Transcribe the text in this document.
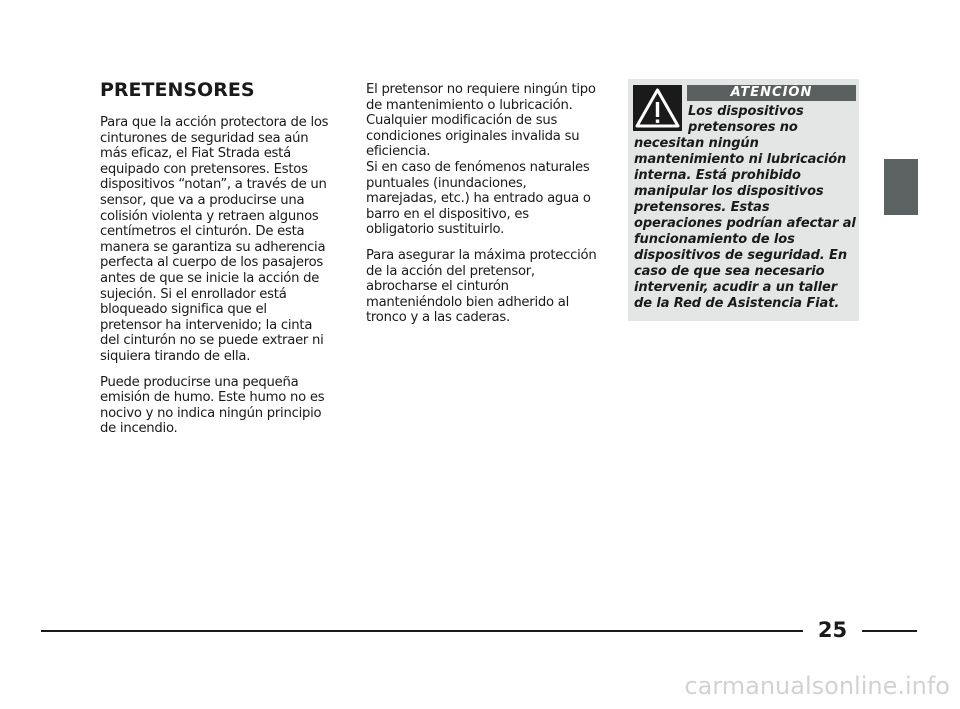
PRETENSORES

Para que la acción protectora de los cinturones de seguridad sea aún más eficaz, el Fiat Strada está equipado con pretensores. Estos dispositivos “notan”, a través de un sensor, que va a producirse una colisión violenta y retraen algunos centímetros el cinturón. De esta manera se garantiza su adherencia perfecta al cuerpo de los pasajeros antes de que se inicie la acción de sujeción. Si el enrollador está bloqueado significa que el pretensor ha intervenido; la cinta del cinturón no se puede extraer ni siquiera tirando de ella.

Puede producirse una pequeña emisión de humo. Este humo no es nocivo y no indica ningún principio de incendio.

El pretensor no requiere ningún tipo de mantenimiento o lubricación. Cualquier modificación de sus condiciones originales invalida su eficiencia.

Si en caso de fenómenos naturales puntuales (inundaciones, marejadas, etc.) ha entrado agua o barro en el dispositivo, es obligatorio sustituirlo.

Para asegurar la máxima protección de la acción del pretensor, abrocharse el cinturón manteniéndolo bien adherido al tronco y a las caderas.

ATENCIÓN
Los dispositivos pretensores no necesitan ningún mantenimiento ni lubricación interna. Está prohibido manipular los dispositivos pretensores. Estas operaciones podrían afectar al funcionamiento de los dispositivos de seguridad. En caso de que sea necesario intervenir, acudir a un taller de la Red de Asistencia Fiat.
25
carmanualsonline.info
